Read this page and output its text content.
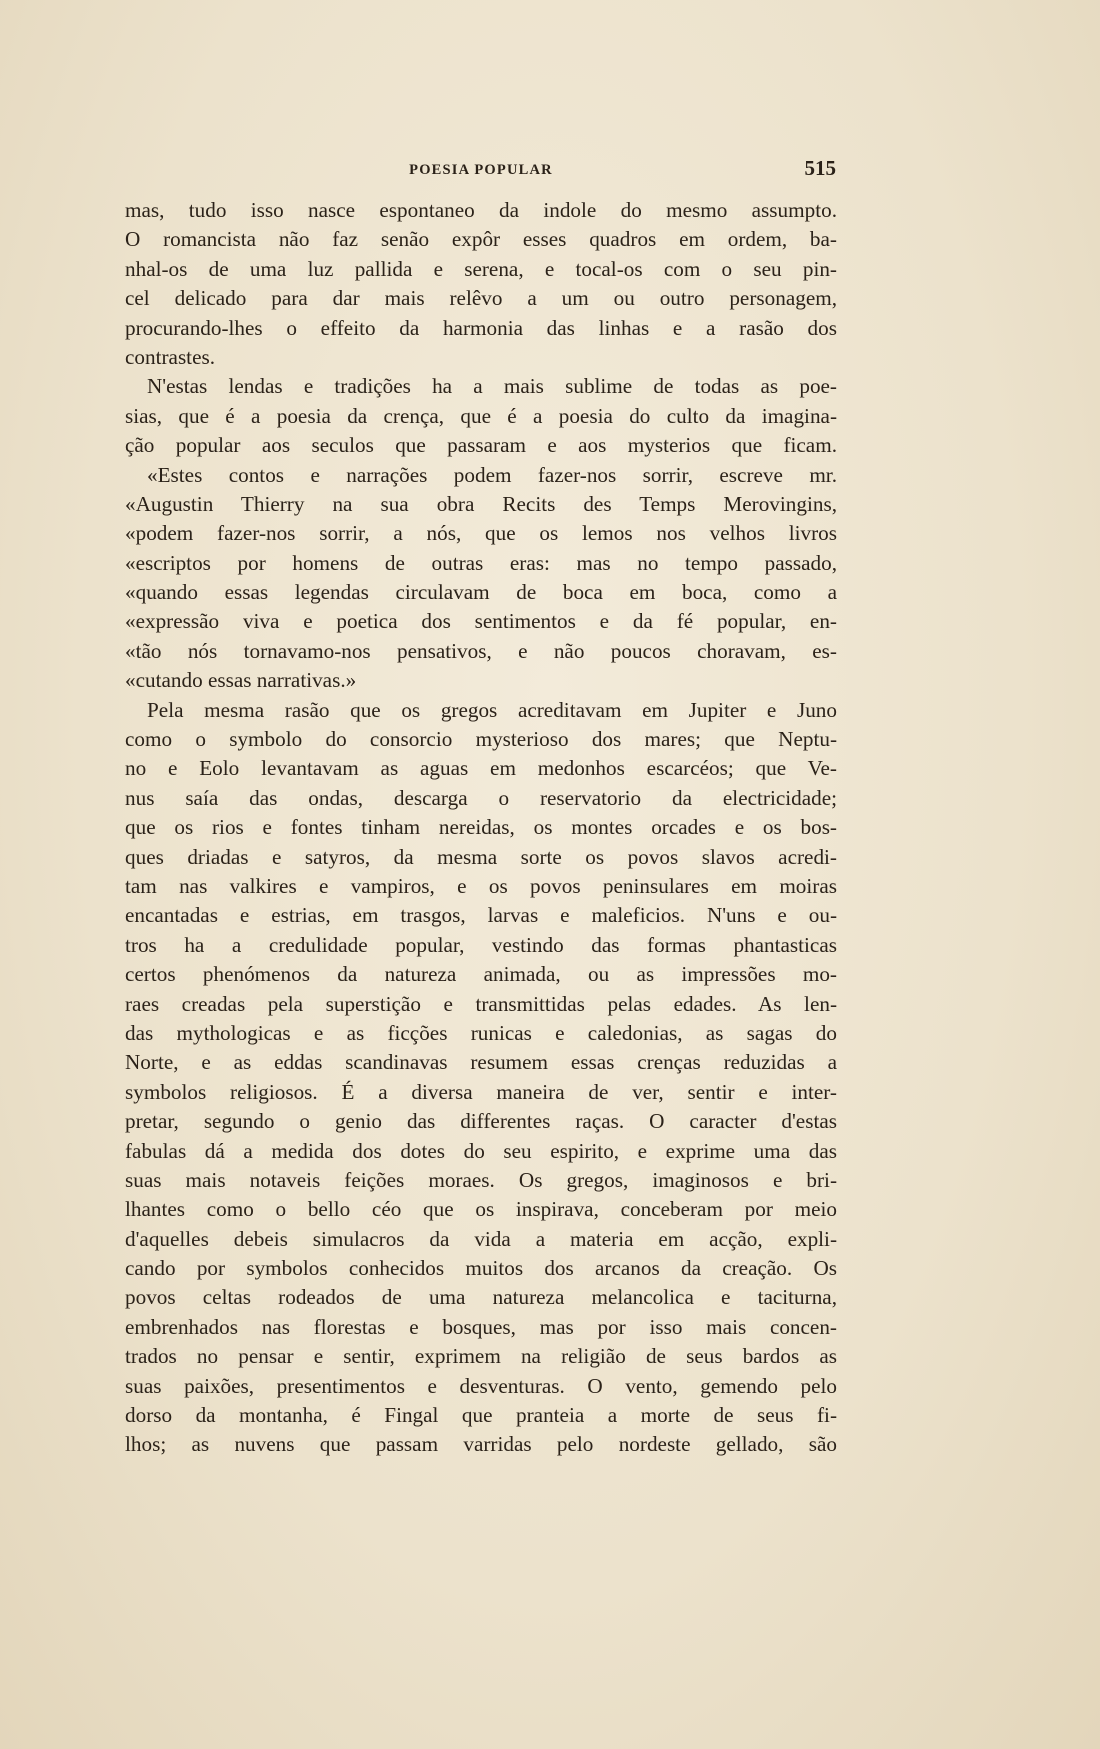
POESIA POPULAR	515
mas, tudo isso nasce espontaneo da indole do mesmo assumpto.
O romancista não faz senão expôr esses quadros em ordem, ba-
nhal-os de uma luz pallida e serena, e tocal-os com o seu pin-
cel delicado para dar mais relêvo a um ou outro personagem,
procurando-lhes o effeito da harmonia das linhas e a rasão dos
contrastes.
N'estas lendas e tradições ha a mais sublime de todas as poe-
sias, que é a poesia da crença, que é a poesia do culto da imagina-
ção popular aos seculos que passaram e aos mysterios que ficam.
«Estes contos e narrações podem fazer-nos sorrir, escreve mr.
«Augustin Thierry na sua obra Recits des Temps Merovingins,
«podem fazer-nos sorrir, a nós, que os lemos nos velhos livros
«escriptos por homens de outras eras: mas no tempo passado,
«quando essas legendas circulavam de boca em boca, como a
«expressão viva e poetica dos sentimentos e da fé popular, en-
«tão nós tornavamo-nos pensativos, e não poucos choravam, es-
«cutando essas narrativas.»
Pela mesma rasão que os gregos acreditavam em Jupiter e Juno
como o symbolo do consorcio mysterioso dos mares; que Neptu-
no e Eolo levantavam as aguas em medonhos escarcéos; que Ve-
nus saía das ondas, descarga o reservatorio da electricidade;
que os rios e fontes tinham nereidas, os montes orcades e os bos-
ques driadas e satyros, da mesma sorte os povos slavos acredi-
tam nas valkires e vampiros, e os povos peninsulares em moiras
encantadas e estrias, em trasgos, larvas e maleficios. N'uns e ou-
tros ha a credulidade popular, vestindo das formas phantasticas
certos phenómenos da natureza animada, ou as impressões mo-
raes creadas pela superstição e transmittidas pelas edades. As len-
das mythologicas e as ficções runicas e caledonias, as sagas do
Norte, e as eddas scandinavas resumem essas crenças reduzidas a
symbolos religiosos. É a diversa maneira de ver, sentir e inter-
pretar, segundo o genio das differentes raças. O caracter d'estas
fabulas dá a medida dos dotes do seu espirito, e exprime uma das
suas mais notaveis feições moraes. Os gregos, imaginosos e bri-
lhantes como o bello céo que os inspirava, conceberam por meio
d'aquelles debeis simulacros da vida a materia em acção, expli-
cando por symbolos conhecidos muitos dos arcanos da creação. Os
povos celtas rodeados de uma natureza melancolica e taciturna,
embrenhados nas florestas e bosques, mas por isso mais concen-
trados no pensar e sentir, exprimem na religião de seus bardos as
suas paixões, presentimentos e desventuras. O vento, gemendo pelo
dorso da montanha, é Fingal que pranteia a morte de seus fi-
lhos; as nuvens que passam varridas pelo nordeste gellado, são
